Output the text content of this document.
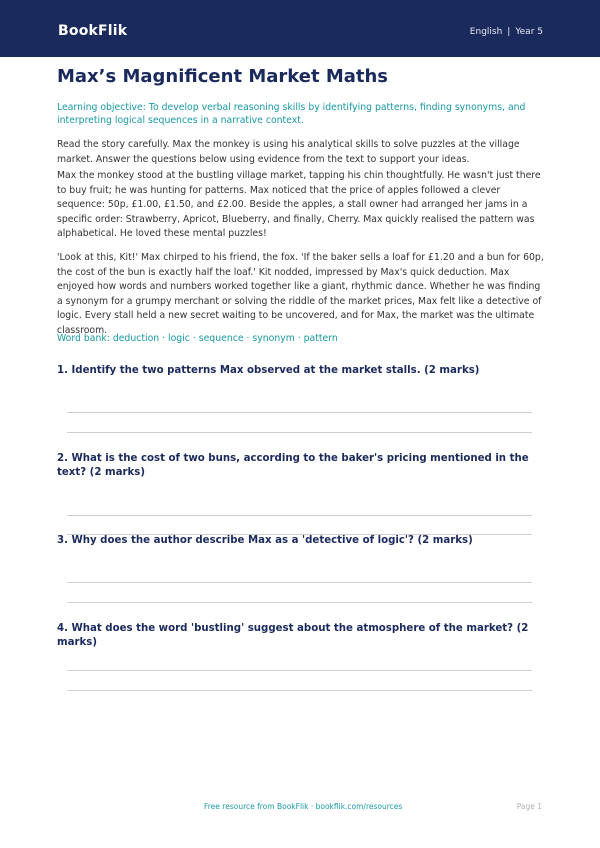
BookFlik	English | Year 5
Max’s Magnificent Market Maths

Learning objective: To develop verbal reasoning skills by identifying patterns, finding synonyms, and interpreting logical sequences in a narrative context.

Read the story carefully. Max the monkey is using his analytical skills to solve puzzles at the village market. Answer the questions below using evidence from the text to support your ideas.

Max the monkey stood at the bustling village market, tapping his chin thoughtfully. He wasn't just there to buy fruit; he was hunting for patterns. Max noticed that the price of apples followed a clever sequence: 50p, £1.00, £1.50, and £2.00. Beside the apples, a stall owner had arranged her jams in a specific order: Strawberry, Apricot, Blueberry, and finally, Cherry. Max quickly realised the pattern was alphabetical. He loved these mental puzzles!

'Look at this, Kit!' Max chirped to his friend, the fox. 'If the baker sells a loaf for £1.20 and a bun for 60p, the cost of the bun is exactly half the loaf.' Kit nodded, impressed by Max's quick deduction. Max enjoyed how words and numbers worked together like a giant, rhythmic dance. Whether he was finding a synonym for a grumpy merchant or solving the riddle of the market prices, Max felt like a detective of logic. Every stall held a new secret waiting to be uncovered, and for Max, the market was the ultimate classroom.

Word bank: deduction · logic · sequence · synonym · pattern

1. Identify the two patterns Max observed at the market stalls. (2 marks)

2. What is the cost of two buns, according to the baker's pricing mentioned in the text? (2 marks)

3. Why does the author describe Max as a 'detective of logic'? (2 marks)

4. What does the word 'bustling' suggest about the atmosphere of the market? (2 marks)

Free resource from BookFlik · bookflik.com/resources	Page 1
